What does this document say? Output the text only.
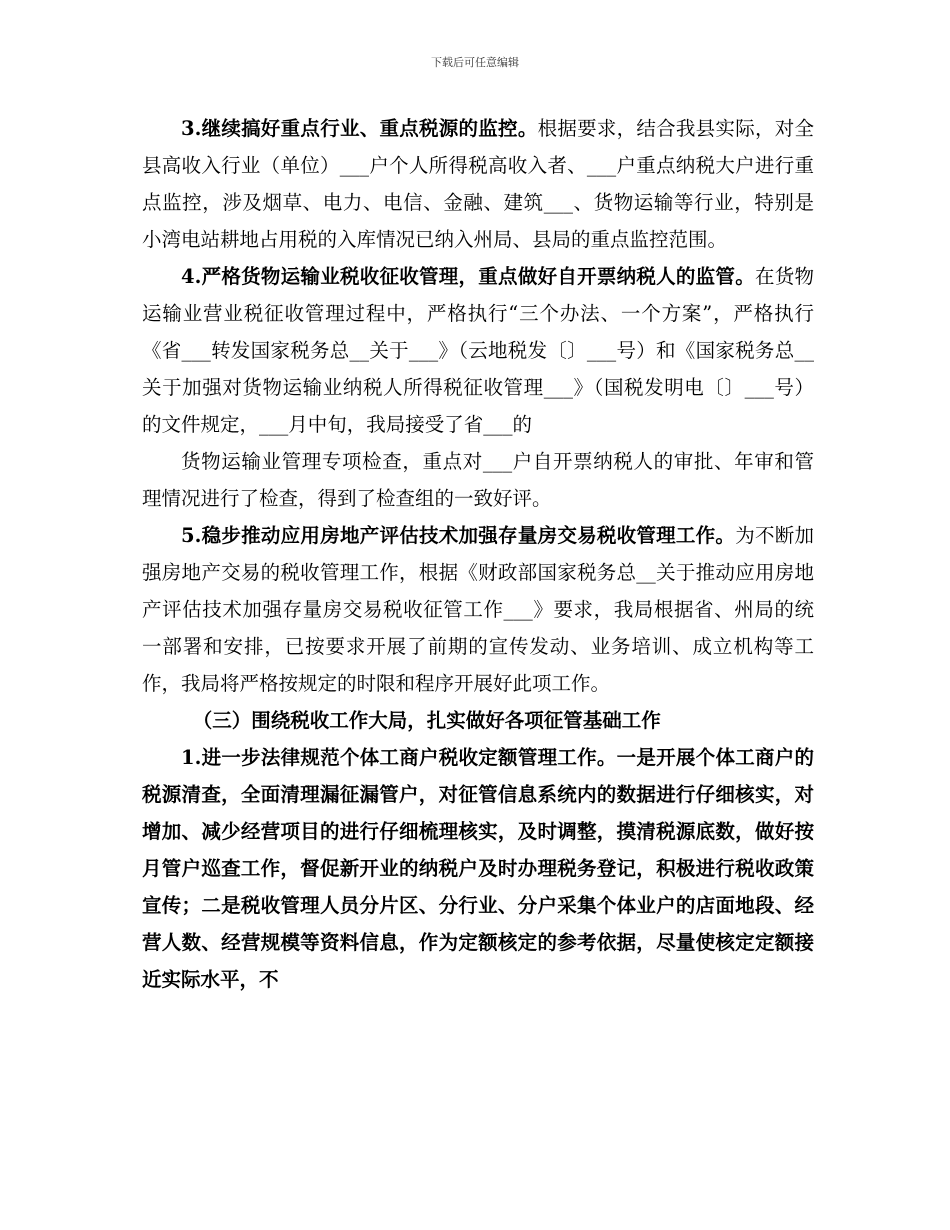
下载后可任意编辑

3.继续搞好重点行业、重点税源的监控。根据要求，结合我县实际，对全县高收入行业（单位）___户个人所得税高收入者、___户重点纳税大户进行重点监控，涉及烟草、电力、电信、金融、建筑___、货物运输等行业，特别是小湾电站耕地占用税的入库情况已纳入州局、县局的重点监控范围。

4.严格货物运输业税收征收管理，重点做好自开票纳税人的监管。在货物运输业营业税征收管理过程中，严格执行“三个办法、一个方案”，严格执行《省___转发国家税务总__关于___》（云地税发〔〕___号）和《国家税务总__关于加强对货物运输业纳税人所得税征收管理___》（国税发明电〔〕___号）的文件规定，___月中旬，我局接受了省___的

货物运输业管理专项检查，重点对___户自开票纳税人的审批、年审和管理情况进行了检查，得到了检查组的一致好评。

5.稳步推动应用房地产评估技术加强存量房交易税收管理工作。为不断加强房地产交易的税收管理工作，根据《财政部国家税务总__关于推动应用房地产评估技术加强存量房交易税收征管工作___》要求，我局根据省、州局的统一部署和安排，已按要求开展了前期的宣传发动、业务培训、成立机构等工作，我局将严格按规定的时限和程序开展好此项工作。

（三）围绕税收工作大局，扎实做好各项征管基础工作

1.进一步法律规范个体工商户税收定额管理工作。一是开展个体工商户的税源清查，全面清理漏征漏管户，对征管信息系统内的数据进行仔细核实，对增加、减少经营项目的进行仔细梳理核实，及时调整，摸清税源底数，做好按月管户巡查工作，督促新开业的纳税户及时办理税务登记，积极进行税收政策宣传；二是税收管理人员分片区、分行业、分户采集个体业户的店面地段、经营人数、经营规模等资料信息，作为定额核定的参考依据，尽量使核定定额接近实际水平，不
